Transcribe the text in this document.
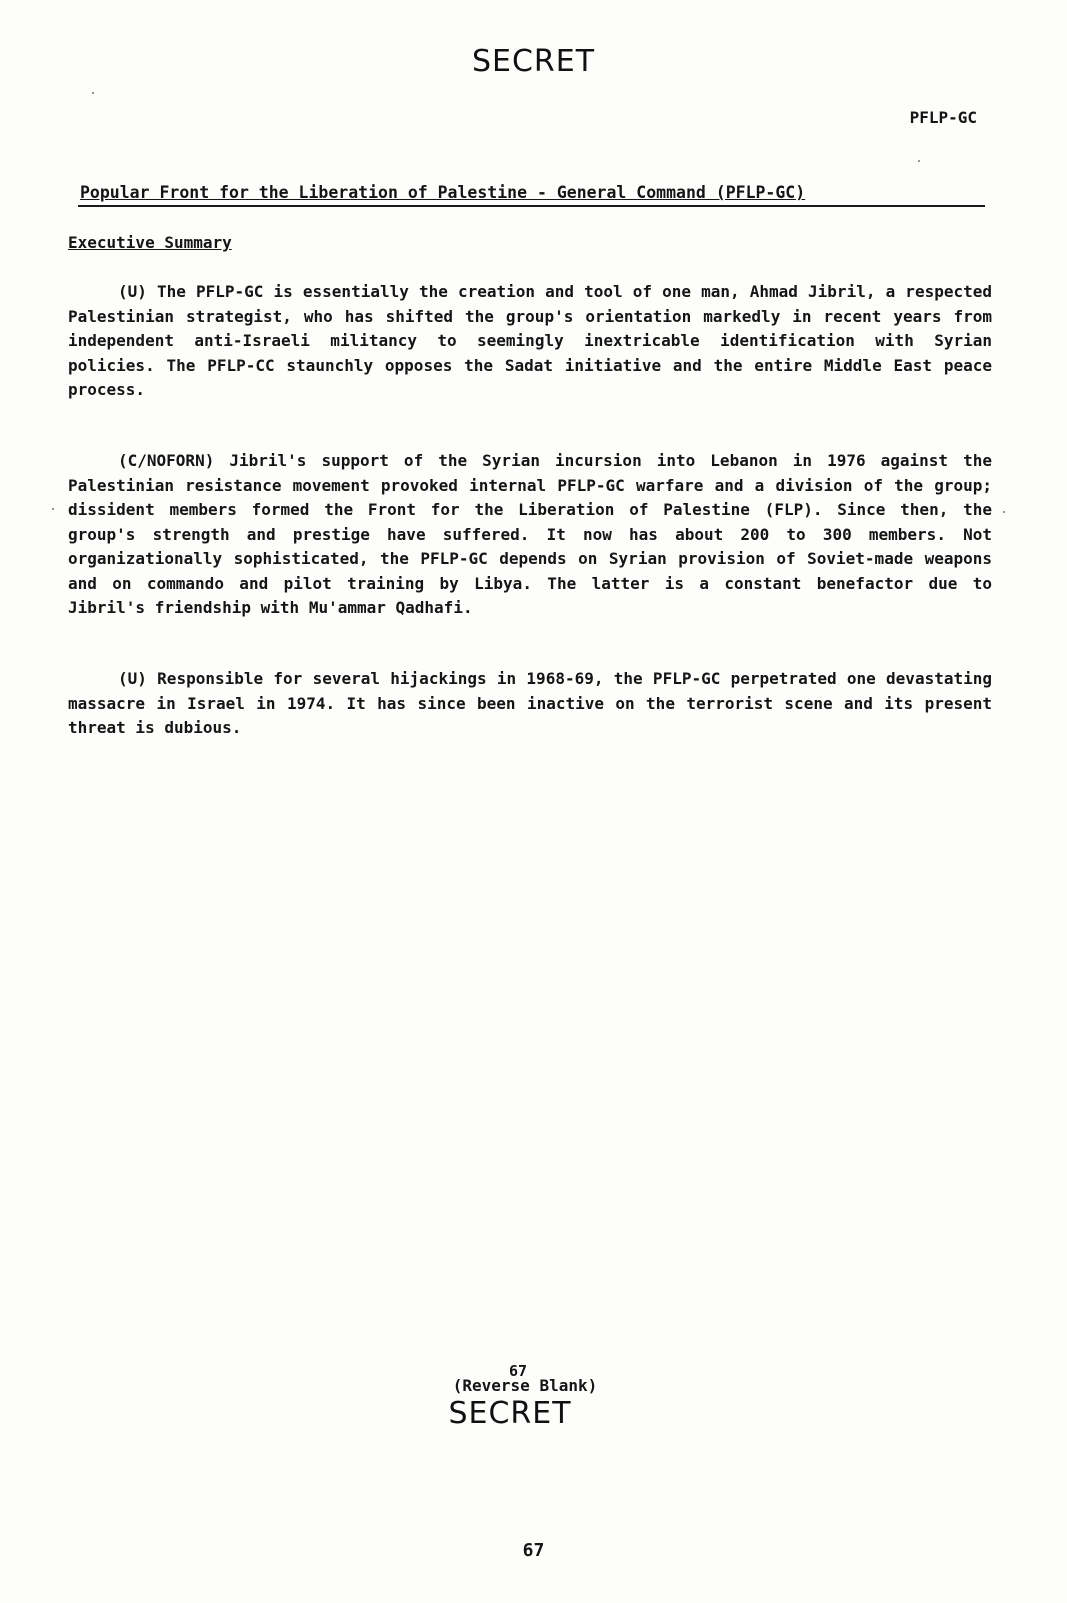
SECRET
PFLP-GC
Popular Front for the Liberation of Palestine - General Command (PFLP-GC)
Executive Summary

(U) The PFLP-GC is essentially the creation and tool of one man, Ahmad Jibril, a respected Palestinian strategist, who has shifted the group's orientation markedly in recent years from independent anti-Israeli militancy to seemingly inextricable identification with Syrian policies. The PFLP-CC staunchly opposes the Sadat initiative and the entire Middle East peace process.

(C/NOFORN) Jibril's support of the Syrian incursion into Lebanon in 1976 against the Palestinian resistance movement provoked internal PFLP-GC warfare and a division of the group; dissident members formed the Front for the Liberation of Palestine (FLP). Since then, the group's strength and prestige have suffered. It now has about 200 to 300 members. Not organizationally sophisticated, the PFLP-GC depends on Syrian provision of Soviet-made weapons and on commando and pilot training by Libya. The latter is a constant benefactor due to Jibril's friendship with Mu'ammar Qadhafi.

(U) Responsible for several hijackings in 1968-69, the PFLP-GC perpetrated one devastating massacre in Israel in 1974. It has since been inactive on the terrorist scene and its present threat is dubious.

67
(Reverse Blank)
SECRET
67
